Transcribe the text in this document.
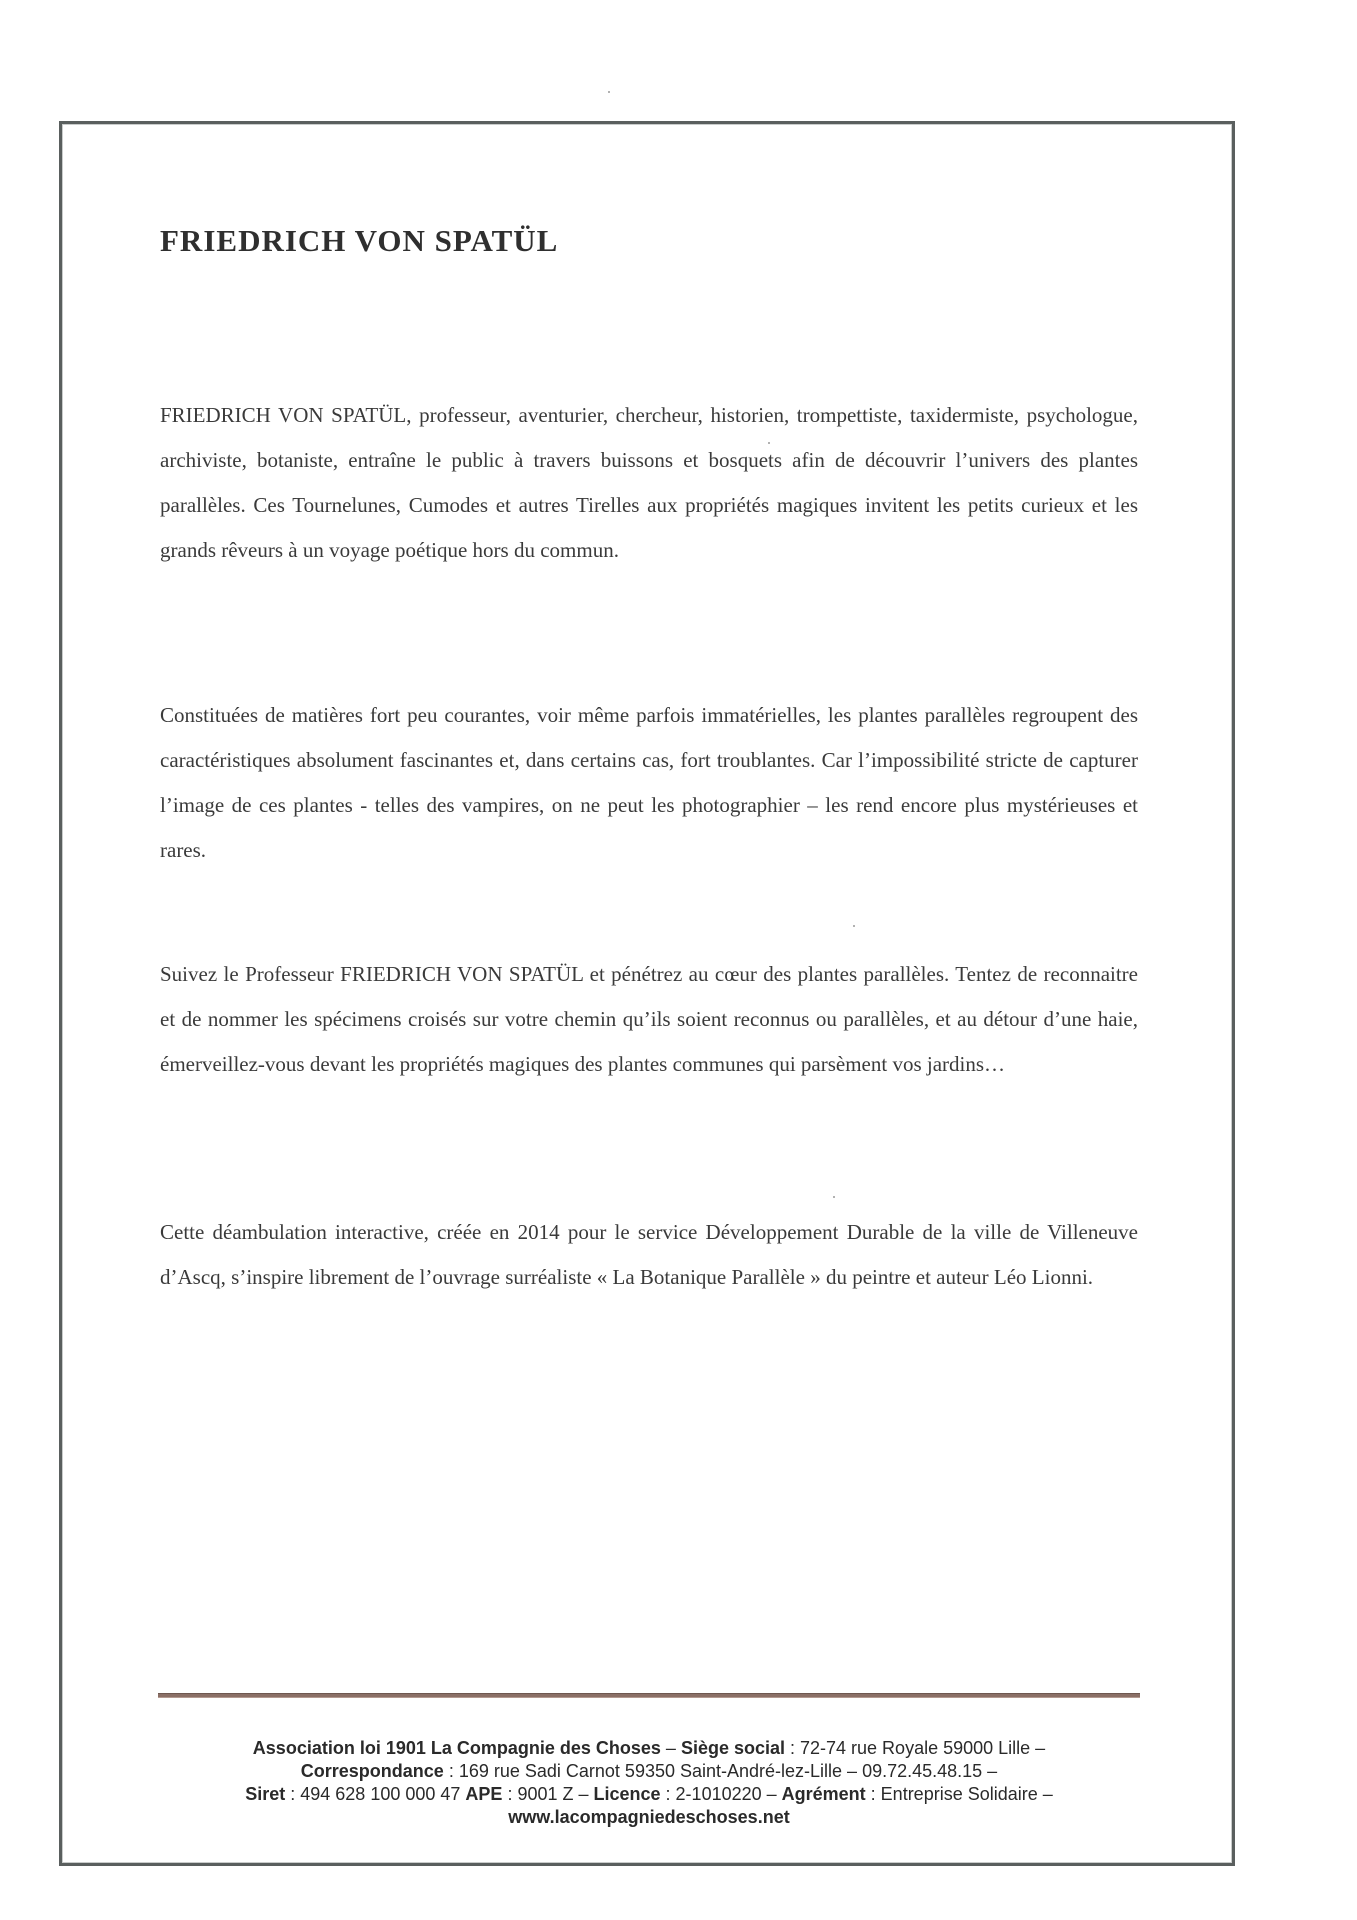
FRIEDRICH VON SPATÜL

FRIEDRICH VON SPATÜL, professeur, aventurier, chercheur, historien, trompettiste, taxidermiste, psychologue, archiviste, botaniste, entraîne le public à travers buissons et bosquets afin de découvrir l’univers des plantes parallèles. Ces Tournelunes, Cumodes et autres Tirelles aux propriétés magiques invitent les petits curieux et les grands rêveurs à un voyage poétique hors du commun.

Constituées de matières fort peu courantes, voir même parfois immatérielles, les plantes parallèles regroupent des caractéristiques absolument fascinantes et, dans certains cas, fort troublantes. Car l’impossibilité stricte de capturer l’image de ces plantes - telles des vampires, on ne peut les photographier – les rend encore plus mystérieuses et rares.

Suivez le Professeur FRIEDRICH VON SPATÜL et pénétrez au cœur des plantes parallèles. Tentez de reconnaitre et de nommer les spécimens croisés sur votre chemin qu’ils soient reconnus ou parallèles, et au détour d’une haie, émerveillez-vous devant les propriétés magiques des plantes communes qui parsèment vos jardins…

Cette déambulation interactive, créée en 2014 pour le service Développement Durable de la ville de Villeneuve d’Ascq, s’inspire librement de l’ouvrage surréaliste « La Botanique Parallèle » du peintre et auteur Léo Lionni.

Association loi 1901 La Compagnie des Choses – Siège social : 72-74 rue Royale 59000 Lille –
Correspondance : 169 rue Sadi Carnot 59350 Saint-André-lez-Lille – 09.72.45.48.15 –
Siret : 494 628 100 000 47 APE : 9001 Z – Licence : 2-1010220 – Agrément : Entreprise Solidaire –
www.lacompagniedeschoses.net
